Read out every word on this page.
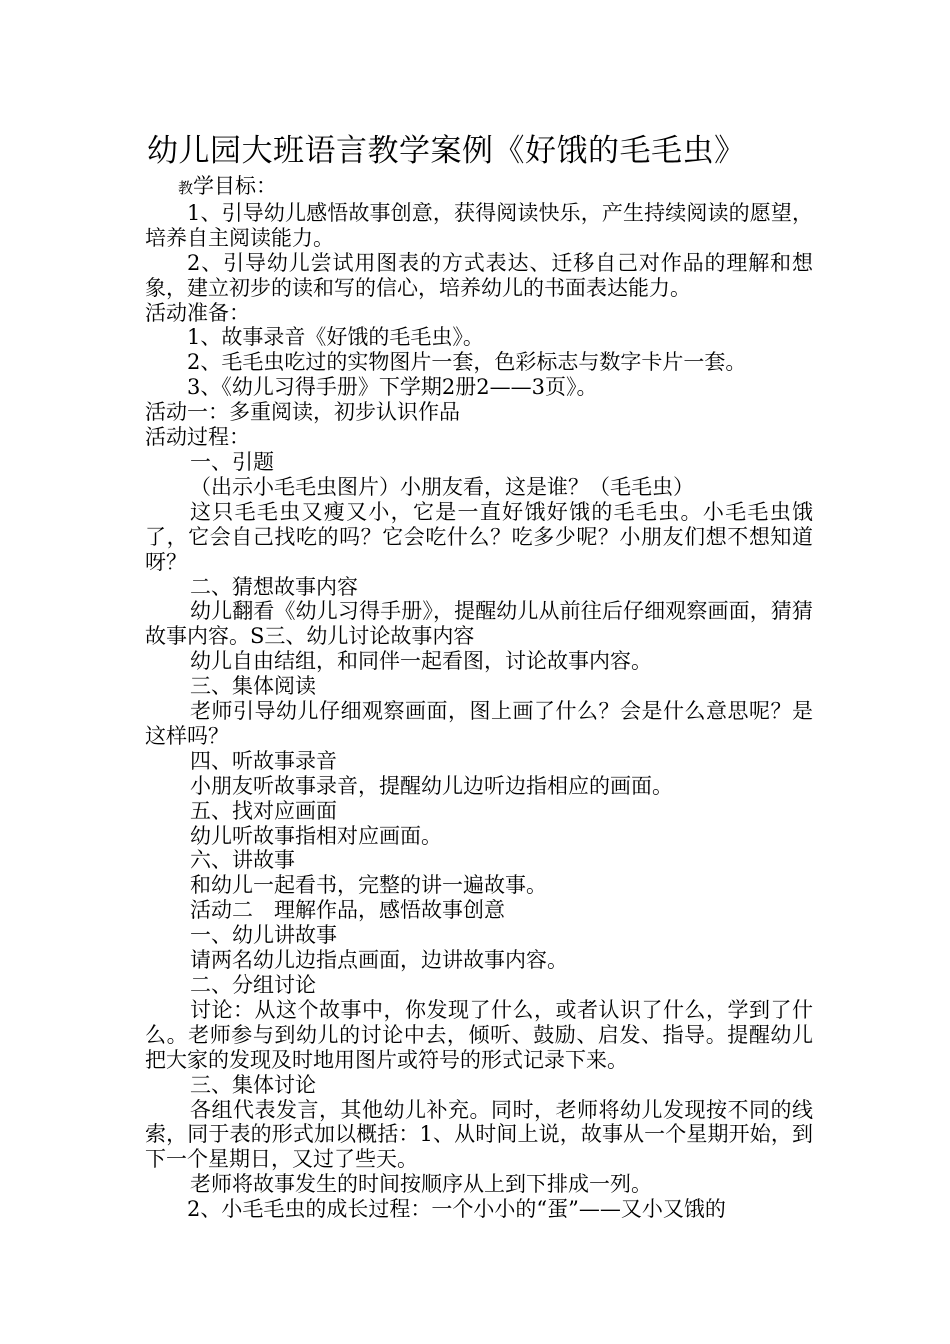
幼儿园大班语言教学案例《好饿的毛毛虫》

教学目标：

1、引导幼儿感悟故事创意，获得阅读快乐，产生持续阅读的愿望，培养自主阅读能力。

2、引导幼儿尝试用图表的方式表达、迁移自己对作品的理解和想象，建立初步的读和写的信心，培养幼儿的书面表达能力。

活动准备：

1、故事录音《好饿的毛毛虫》。

2、毛毛虫吃过的实物图片一套，色彩标志与数字卡片一套。

3、《幼儿习得手册》下学期2册2——3页》。

活动一：多重阅读，初步认识作品

活动过程：

一、引题

（出示小毛毛虫图片）小朋友看，这是谁？（毛毛虫）

这只毛毛虫又瘦又小，它是一直好饿好饿的毛毛虫。小毛毛虫饿了，它会自己找吃的吗？它会吃什么？吃多少呢？小朋友们想不想知道呀？

二、猜想故事内容

幼儿翻看《幼儿习得手册》，提醒幼儿从前往后仔细观察画面，猜猜故事内容。S三、幼儿讨论故事内容

幼儿自由结组，和同伴一起看图，讨论故事内容。

三、集体阅读

老师引导幼儿仔细观察画面，图上画了什么？会是什么意思呢？是这样吗？

四、听故事录音

小朋友听故事录音，提醒幼儿边听边指相应的画面。

五、找对应画面

幼儿听故事指相对应画面。

六、讲故事

和幼儿一起看书，完整的讲一遍故事。

活动二　理解作品，感悟故事创意

一、幼儿讲故事

请两名幼儿边指点画面，边讲故事内容。

二、分组讨论

讨论：从这个故事中，你发现了什么，或者认识了什么，学到了什么。老师参与到幼儿的讨论中去，倾听、鼓励、启发、指导。提醒幼儿把大家的发现及时地用图片或符号的形式记录下来。

三、集体讨论

各组代表发言，其他幼儿补充。同时，老师将幼儿发现按不同的线索，同于表的形式加以概括：1、从时间上说，故事从一个星期开始，到下一个星期日，又过了些天。

老师将故事发生的时间按顺序从上到下排成一列。

2、小毛毛虫的成长过程：一个小小的“蛋”——又小又饿的
